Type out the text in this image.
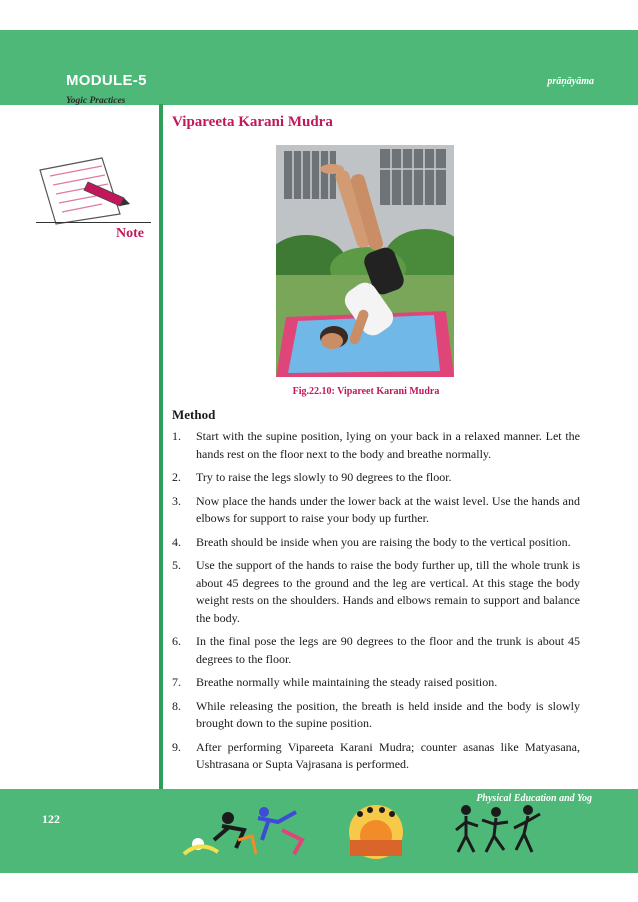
MODULE-5	prāṇāyāma
Yogic Practices
Note
Vipareeta Karani Mudra
Fig.22.10: Vipareet Karani Mudra
Method
1.	Start with the supine position, lying on your back in a relaxed manner. Let the hands rest on the floor next to the body and breathe normally.
2.	Try to raise the legs slowly to 90 degrees to the floor.
3.	Now place the hands under the lower back at the waist level. Use the hands and elbows for support to raise your body up further.
4.	Breath should be inside when you are raising the body to the vertical position.
5.	Use the support of the hands to raise the body further up, till the whole trunk is about 45 degrees to the ground and the leg are vertical. At this stage the body weight rests on the shoulders. Hands and elbows remain to support and balance the body.
6.	In the final pose the legs are 90 degrees to the floor and the trunk is about 45 degrees to the floor.
7.	Breathe normally while maintaining the steady raised position.
8.	While releasing the position, the breath is held inside and the body is slowly brought down to the supine position.
9.	After performing Vipareeta Karani Mudra; counter asanas like Matyasana, Ushtrasana or Supta Vajrasana is performed.
Physical Education and Yog
122
